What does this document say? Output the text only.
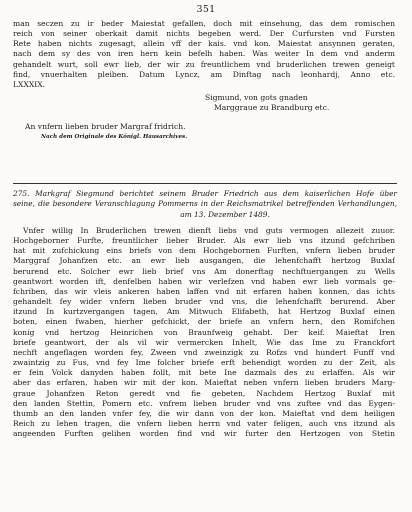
351
man seczen zu ir beder Maiestat gefallen, doch mit einsehung, das dem romischen
reich von seiner oberkait damit nichts begeben werd. Der Curfursten vnd Fursten
Rete haben nichts zugesagt, allein vff der kais. vnd kon. Maiestat ansynnen geraten,
nach dem sy des von iren hern kein befelh haben. Was weiter In dem vnd anderm
gehandelt wurt, soll ewr lieb, der wir zu freuntlichem vnd bruderlichen trewen geneigt
find, vnuerhalten pleiben. Datum Lyncz, am Dinftag nach leonhardj, Anno etc.
LXXXIX.
Sigmund, von gots gnaden
Marggraue zu Brandburg etc.
An vnfern lieben bruder Margraf fridrich.
Nach dem Originale des Königl. Hausarchives.
275. Markgraf Siegmund berichtet seinem Bruder Friedrich aus dem kaiserlichen Hofe über
seine, die besondere Veranschlagung Pommerns in der Reichsmatrikel betreffenden Verhandlungen,
am 13. Dezember 1489.
Vnfer willig In Bruderlichen trewen dienft liebs vnd guts vermogen allezeit zuuor.
Hochgeborner Furfte, freuntlicher lieber Bruder. Als ewr lieb vns itzund gefchriben
hat mit zufchickung eins briefs von dem Hochgebornen Furften, vnfern lieben bruder
Marggraf Johanfzen etc. an ewr lieb ausgangen, die lehenfchafft hertzog Buxlaf
berurend etc. Solcher ewr lieb brief vns Am donerftag nechftuergangen zu Wells
geantwort worden ift, denfelben haben wir verlefzen vnd haben ewr lieb vormals ge-
fchriben, das wir vleis ankeren haben laffen vnd nit erfaren haben konnen, das ichts
gehandelt fey wider vnfern lieben bruder vnd vns, die lehenfchafft berurend. Aber
itzund In kurtzvergangen tagen, Am Mitwuch Elifabeth, hat Hertzog Buxlaf einen
boten, einen fwaben, hierher gefchickt, der briefe an vnfern hern, den Romifchen
konig vnd hertzog Heinrichen von Braunfweig gehabt. Der keif. Maieftat Iren
briefe geantwort, der als vil wir vermercken Inhelt, Wie das Ime zu Franckfort
nechft angeflagen worden fey, Zween vnd zweinzigk zu Rofzs vnd hundert Funff vnd
zwaintzig zu Fus, vnd fey Ime folcher briefe erft behendigt worden zu der Zeit, als
er fein Volck danyden haben follt, mit bete Ine dazmals des zu erlaffen. Als wir
aber das erfaren, haben wir mit der kon. Maieftat neben vnfern lieben bruders Marg-
graue Johanfzen Reton geredt vnd fie gebeten, Nachdem Hertzog Buxlaf mit
den landen Stettin, Pomern etc. vnfrem lieben bruder vnd vns zuftee vnd das Eygen-
thumb an den landen vnfer fey, die wir dann von der kon. Maieftat vnd dem heiligen
Reich zu lehen tragen, die vnfern lieben herrn vnd vater feligen, auch vns itzund als
angeenden Furften gelihen worden find vnd wir furter den Hertzogen von Stetin
